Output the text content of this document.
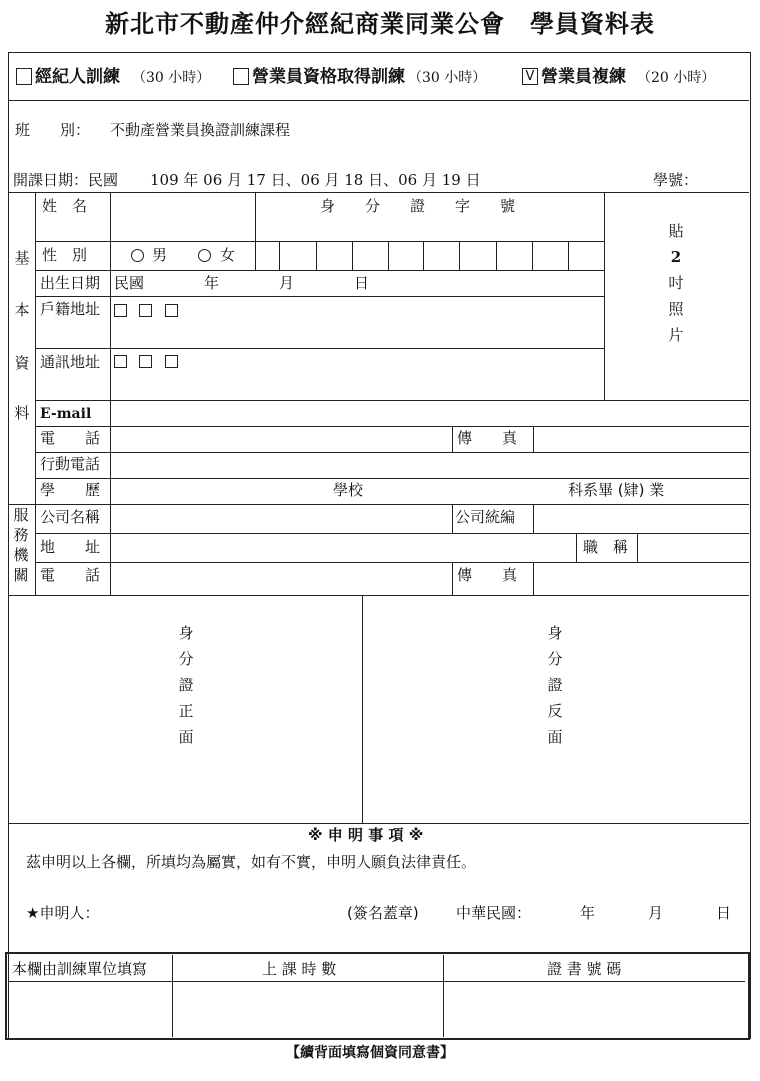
新北市不動產仲介經紀商業同業公會　學員資料表
經紀人訓練 （30 小時） 營業員資格取得訓練 （30 小時）	V 營業員複練 （20 小時）
班　　別： 不動產營業員換證訓練課程
開課日期：民國 109 年 06 月 17 日、06 月 18 日、06 月 19 日	學號：
基
本
資
料
姓　名	身　　分　　證　　字　　號
性　別	男	女
出生日期 民國　　　　年　　　　月　　　　日
戶籍地址
通訊地址
貼
2
吋
照
片
E-mail
電　　話	傳　　真
行動電話
學　　歷	學校	科系畢 (肄) 業
服
務
機
關
公司名稱	公司統編
地　　址	職　稱
電　　話	傳　　真
身
分
證
正
面
身
分
證
反
面
※ 申 明 事 項 ※
茲申明以上各欄，所填均為屬實，如有不實，申明人願負法律責任。
★申明人：	(簽名蓋章) 中華民國：	年	月	日
本欄由訓練單位填寫	上 課 時 數	證 書 號 碼
【續背面填寫個資同意書】
